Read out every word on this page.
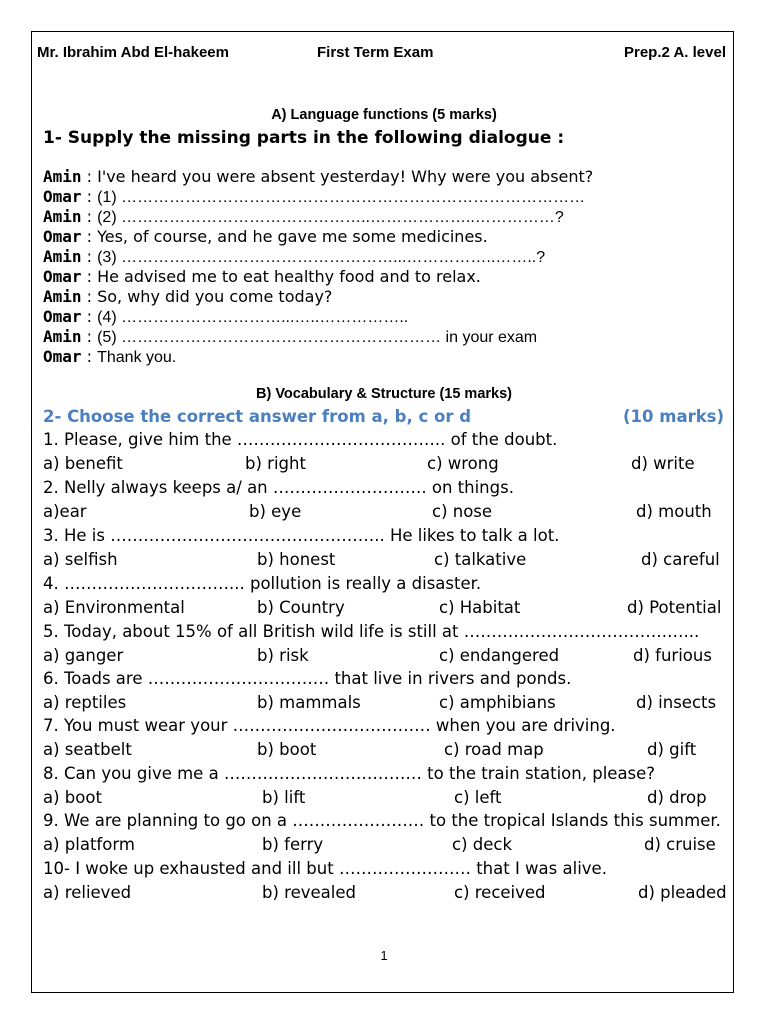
Mr. Ibrahim Abd El-hakeem	First Term Exam	Prep.2 A. level
A) Language functions (5 marks)
1- Supply the missing parts in the following dialogue :
Amin : I've heard you were absent yesterday! Why were you absent?
Omar : (1) ……………………………………………………………………………
Amin : (2) ………………………………………..………………..……………?
Omar : Yes, of course, and he gave me some medicines.
Amin : (3) ……………………………………………...……………..……..?
Omar : He advised me to eat healthy food and to relax.
Amin : So, why did you come today?
Omar : (4) …………………………...…..……………..
Amin : (5) …………………………………………………… in your exam
Omar : Thank you.
B) Vocabulary & Structure (15 marks)
2- Choose the correct answer from a, b, c or d	(10 marks)
1. Please, give him the ……………………………….. of the doubt.
a) benefit	b) right	c) wrong	d) write
2. Nelly always keeps a/ an ………………………. on things.
a)ear	b) eye	c) nose	d) mouth
3. He is ………………………………………….. He likes to talk a lot.
a) selfish	b) honest	c) talkative	d) careful
4. …………………………... pollution is really a disaster.
a) Environmental	b) Country	c) Habitat	d) Potential
5. Today, about 15% of all British wild life is still at ……………………………….…...
a) ganger	b) risk	c) endangered	d) furious
6. Toads are …………………………… that live in rivers and ponds.
a) reptiles	b) mammals	c) amphibians	d) insects
7. You must wear your ……………………………… when you are driving.
a) seatbelt	b) boot	c) road map	d) gift
8. Can you give me a ……………………………… to the train station, please?
a) boot	b) lift	c) left	d) drop
9. We are planning to go on a …………………… to the tropical Islands this summer.
a) platform	b) ferry	c) deck	d) cruise
10- I woke up exhausted and ill but …………………… that I was alive.
a) relieved	b) revealed	c) received	d) pleaded
1
